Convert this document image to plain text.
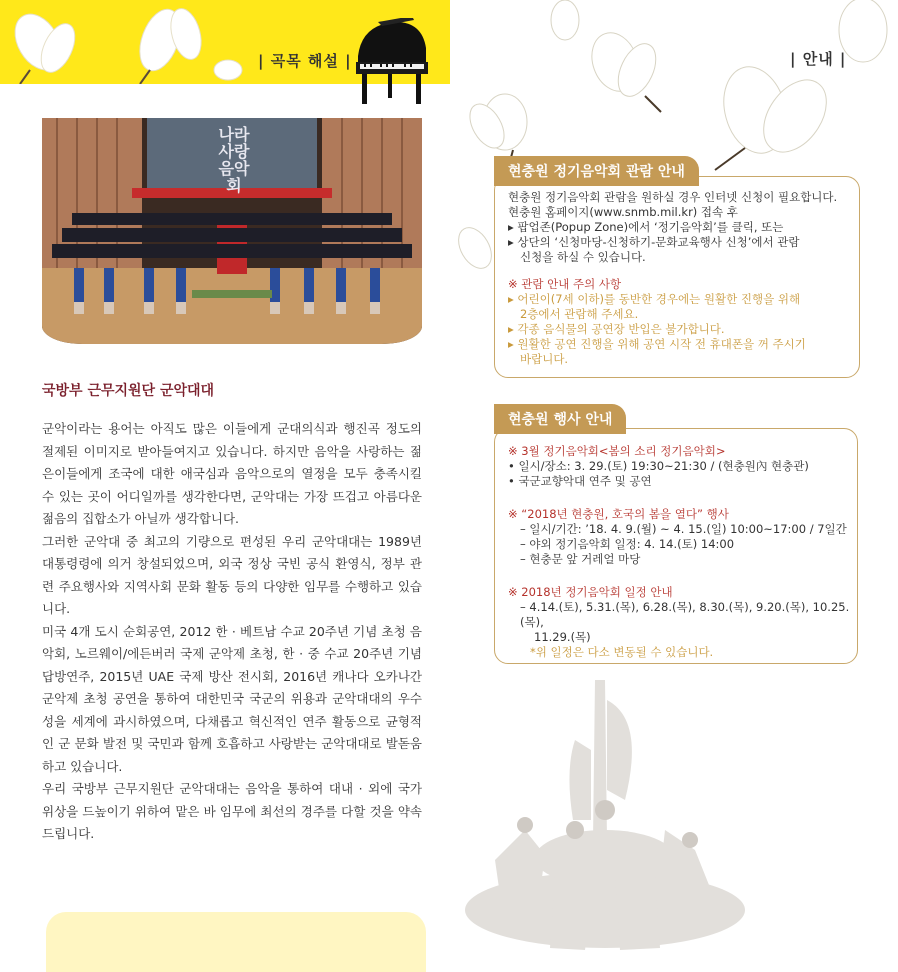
| 곡목 해설 |	| 안내 |
나라 사랑 음악회
국방부 근무지원단 군악대대

군악이라는 용어는 아직도 많은 이들에게 군대의식과 행진곡 정도의 절제된 이미지로 받아들여지고 있습니다. 하지만 음악을 사랑하는 젊은이들에게 조국에 대한 애국심과 음악으로의 열정을 모두 충족시킬 수 있는 곳이 어디일까를 생각한다면, 군악대는 가장 뜨겁고 아름다운 젊음의 집합소가 아닐까 생각합니다.

그러한 군악대 중 최고의 기량으로 편성된 우리 군악대대는 1989년 대통령령에 의거 창설되었으며, 외국 정상 국빈 공식 환영식, 정부 관련 주요행사와 지역사회 문화 활동 등의 다양한 임무를 수행하고 있습니다.

미국 4개 도시 순회공연, 2012 한 · 베트남 수교 20주년 기념 초청 음악회, 노르웨이/에든버러 국제 군악제 초청, 한 · 중 수교 20주년 기념 답방연주, 2015년 UAE 국제 방산 전시회, 2016년 캐나다 오카나간 군악제 초청 공연을 통하여 대한민국 국군의 위용과 군악대대의 우수성을 세계에 과시하였으며, 다채롭고 혁신적인 연주 활동으로 균형적인 군 문화 발전 및 국민과 함께 호흡하고 사랑받는 군악대대로 발돋움하고 있습니다.

우리 국방부 근무지원단 군악대대는 음악을 통하여 대내 · 외에 국가 위상을 드높이기 위하여 맡은 바 임무에 최선의 경주를 다할 것을 약속 드립니다.

현충원 정기음악회 관람 안내
현충원 정기음악회 관람을 원하실 경우 인터넷 신청이 필요합니다.
현충원 홈페이지(www.snmb.mil.kr) 접속 후
▸ 팝업존(Popup Zone)에서 ‘정기음악회’를 클릭, 또는
▸ 상단의 ‘신청마당-신청하기-문화교육행사 신청’에서 관람
신청을 하실 수 있습니다.
※ 관람 안내 주의 사항
▸ 어린이(7세 이하)를 동반한 경우에는 원활한 진행을 위해
2층에서 관람해 주세요.
▸ 각종 음식물의 공연장 반입은 불가합니다.
▸ 원활한 공연 진행을 위해 공연 시작 전 휴대폰을 꺼 주시기
바랍니다.
현충원 행사 안내
※ 3월 정기음악회<봄의 소리 정기음악회>
• 일시/장소: 3. 29.(토) 19:30~21:30 / (현충원內 현충관)
• 국군교향악대 연주 및 공연
※ “2018년 현충원, 호국의 봄을 열다” 행사
– 일시/기간: ’18. 4. 9.(월) ~ 4. 15.(일) 10:00~17:00 / 7일간
– 야외 정기음악회 일정: 4. 14.(토) 14:00
– 현충문 앞 거레얼 마당
※ 2018년 정기음악회 일정 안내
– 4.14.(토), 5.31.(목), 6.28.(목), 8.30.(목), 9.20.(목), 10.25.(목),
11.29.(목)
*위 일정은 다소 변동될 수 있습니다.
